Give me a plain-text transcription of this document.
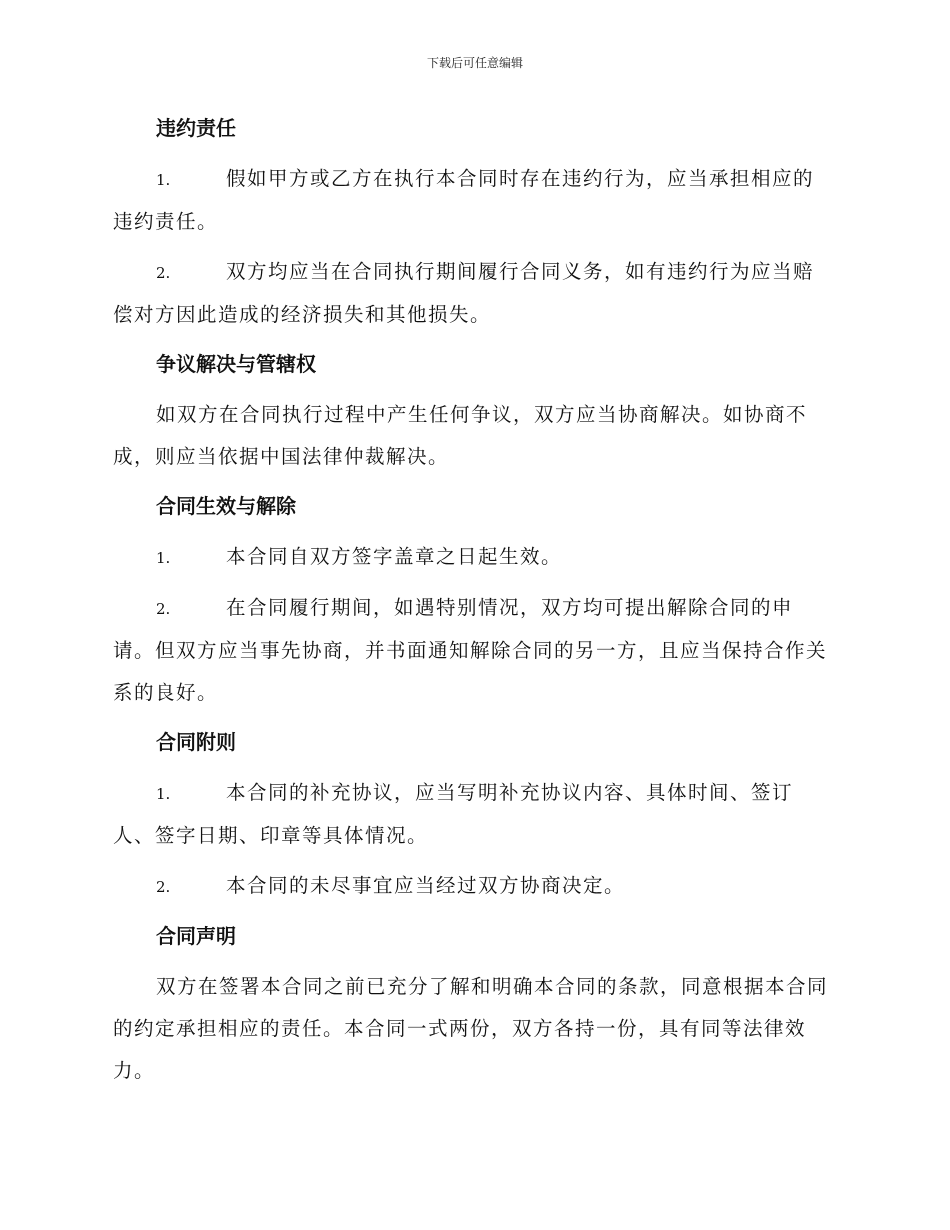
下载后可任意编辑
违约责任
1.	假如甲方或乙方在执行本合同时存在违约行为，应当承担相应的违约责任。
2.	双方均应当在合同执行期间履行合同义务，如有违约行为应当赔偿对方因此造成的经济损失和其他损失。
争议解决与管辖权
如双方在合同执行过程中产生任何争议，双方应当协商解决。如协商不成，则应当依据中国法律仲裁解决。
合同生效与解除
1.	本合同自双方签字盖章之日起生效。
2.	在合同履行期间，如遇特别情况，双方均可提出解除合同的申请。但双方应当事先协商，并书面通知解除合同的另一方，且应当保持合作关系的良好。
合同附则
1.	本合同的补充协议，应当写明补充协议内容、具体时间、签订人、签字日期、印章等具体情况。
2.	本合同的未尽事宜应当经过双方协商决定。
合同声明
双方在签署本合同之前已充分了解和明确本合同的条款，同意根据本合同的约定承担相应的责任。本合同一式两份，双方各持一份，具有同等法律效力。
